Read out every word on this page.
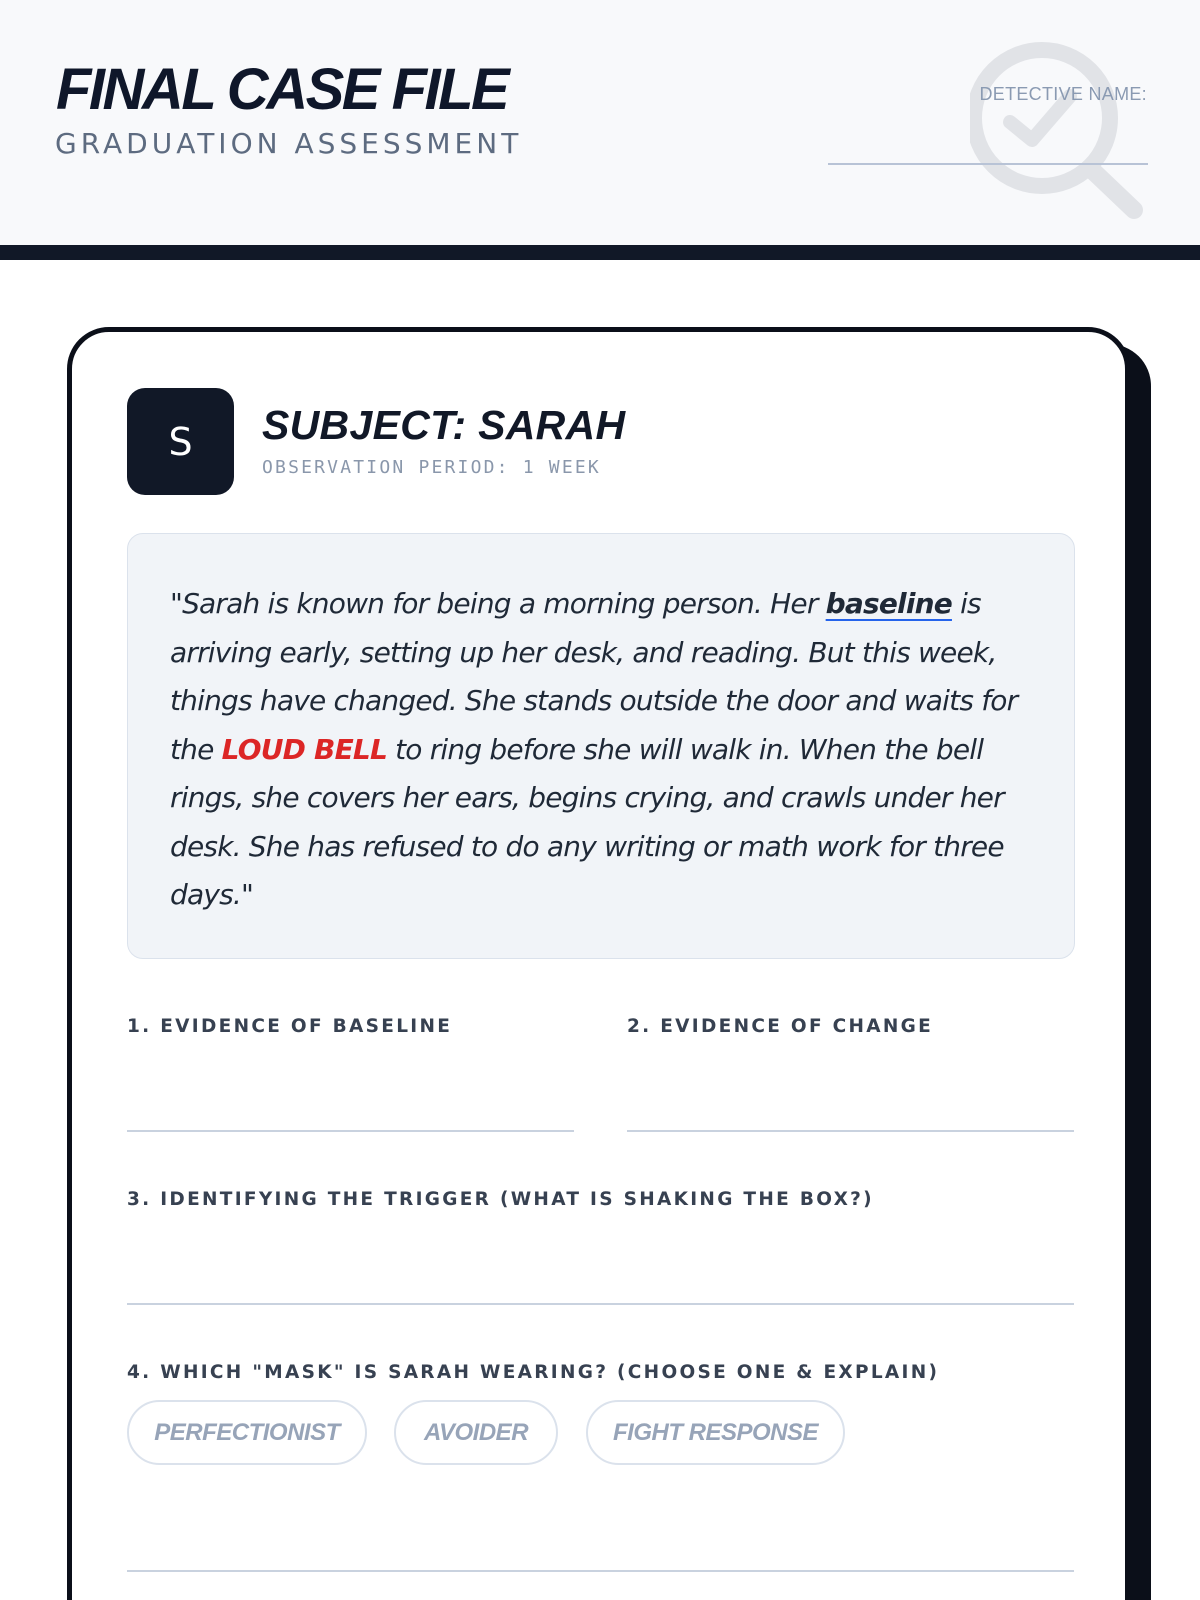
FINAL CASE FILE
GRADUATION ASSESSMENT
DETECTIVE NAME:
S	SUBJECT: SARAH
OBSERVATION PERIOD: 1 WEEK
"Sarah is known for being a morning person. Her baseline is arriving early, setting up her desk, and reading. But this week, things have changed. She stands outside the door and waits for the LOUD BELL to ring before she will walk in. When the bell rings, she covers her ears, begins crying, and crawls under her desk. She has refused to do any writing or math work for three days."
1. EVIDENCE OF BASELINE	2. EVIDENCE OF CHANGE
3. IDENTIFYING THE TRIGGER (WHAT IS SHAKING THE BOX?)
4. WHICH "MASK" IS SARAH WEARING? (CHOOSE ONE & EXPLAIN)
PERFECTIONIST	AVOIDER	FIGHT RESPONSE
